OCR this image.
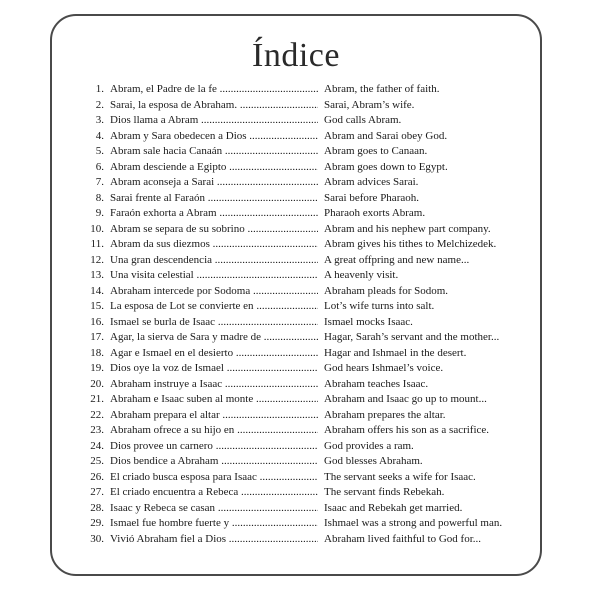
Índice
1. Abram, el Padre de la fe .....	Abram, the father of faith.
2. Sarai, la esposa de Abraham. .....	Sarai, Abram’s wife.
3. Dios llama a Abram .....	God calls Abram.
4. Abram y Sara obedecen a Dios .....	Abram and Sarai obey God.
5. Abram sale hacia Canaán .....	Abram goes to Canaan.
6. Abram desciende a Egipto .....	Abram goes down to Egypt.
7. Abram aconseja a Sarai .....	Abram advices Sarai.
8. Sarai frente al Faraón .....	Sarai before Pharaoh.
9. Faraón exhorta a Abram .....	Pharaoh exorts Abram.
10. Abram se separa de su sobrino .....	Abram and his nephew part company.
11. Abram da sus diezmos .....	Abram gives his tithes to Melchizedek.
12. Una gran descendencia .....	A great offpring and new name...
13. Una visita celestial .....	A heavenly visit.
14. Abraham intercede por Sodoma .....	Abraham pleads for Sodom.
15. La esposa de Lot se convierte en .....	Lot’s wife turns into salt.
16. Ismael se burla de Isaac .....	Ismael mocks Isaac.
17. Agar, la sierva de Sara y madre de .....	Hagar, Sarah’s servant and the mother...
18. Agar e Ismael en el desierto .....	Hagar and Ishmael in the desert.
19. Dios oye la voz de Ismael .....	God hears Ishmael’s voice.
20. Abraham instruye a Isaac .....	Abraham teaches Isaac.
21. Abraham e Isaac suben al monte .....	Abraham and Isaac go up to mount...
22. Abraham prepara el altar .....	Abraham prepares the altar.
23. Abraham ofrece a su hijo en .....	Abraham offers his son as a sacrifice.
24. Dios provee un carnero .....	God provides a ram.
25. Dios bendice a Abraham .....	God blesses Abraham.
26. El criado busca esposa para Isaac .....	The servant seeks a wife for Isaac.
27. El criado encuentra a Rebeca .....	The servant finds Rebekah.
28. Isaac y Rebeca se casan .....	Isaac and Rebekah get married.
29. Ismael fue hombre fuerte y .....	Ishmael was a strong and powerful man.
30. Vivió Abraham fiel a Dios .....	Abraham lived faithful to God for...
